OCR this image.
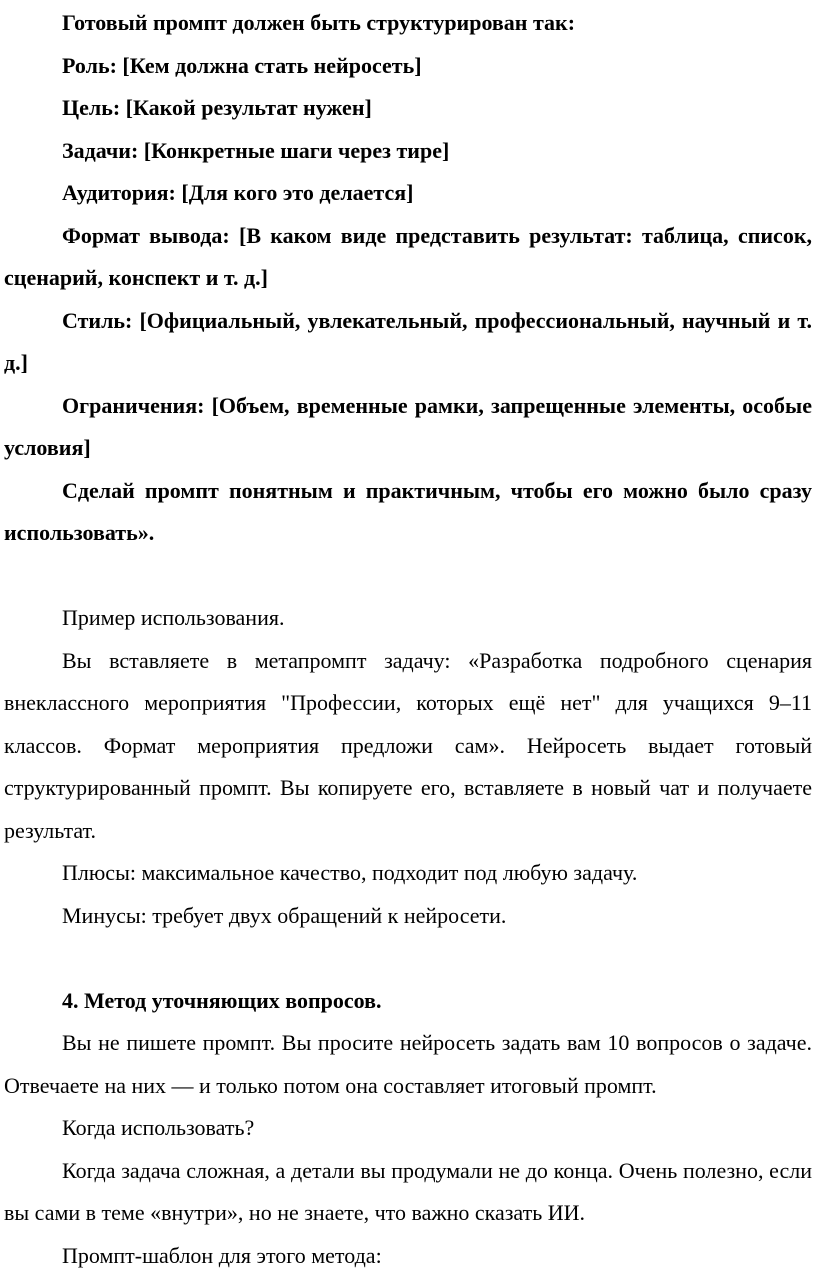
Готовый промпт должен быть структурирован так:

Роль: [Кем должна стать нейросеть]

Цель: [Какой результат нужен]

Задачи: [Конкретные шаги через тире]

Аудитория: [Для кого это делается]

Формат вывода: [В каком виде представить результат: таблица, список, сценарий, конспект и т. д.]

Стиль: [Официальный, увлекательный, профессиональный, научный и т. д.]

Ограничения: [Объем, временные рамки, запрещенные элементы, особые условия]

Сделай промпт понятным и практичным, чтобы его можно было сразу использовать».

Пример использования.

Вы вставляете в метапромпт задачу: «Разработка подробного сценария внеклассного мероприятия "Профессии, которых ещё нет" для учащихся 9–11 классов. Формат мероприятия предложи сам». Нейросеть выдает готовый структурированный промпт. Вы копируете его, вставляете в новый чат и получаете результат.

Плюсы: максимальное качество, подходит под любую задачу.

Минусы: требует двух обращений к нейросети.

4. Метод уточняющих вопросов.

Вы не пишете промпт. Вы просите нейросеть задать вам 10 вопросов о задаче. Отвечаете на них — и только потом она составляет итоговый промпт.

Когда использовать?

Когда задача сложная, а детали вы продумали не до конца. Очень полезно, если вы сами в теме «внутри», но не знаете, что важно сказать ИИ.

Промпт-шаблон для этого метода:
